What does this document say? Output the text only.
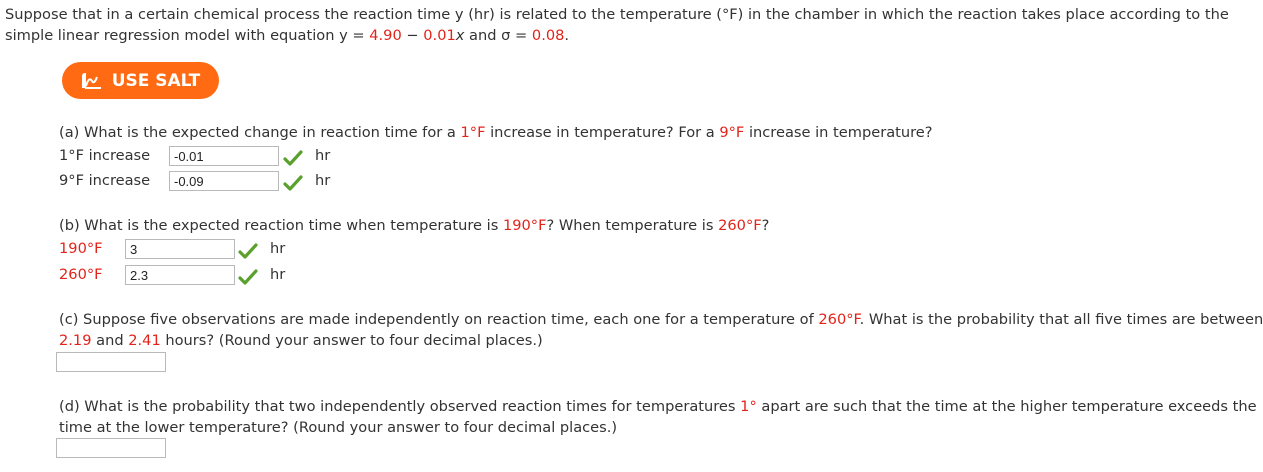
Suppose that in a certain chemical process the reaction time y (hr) is related to the temperature (°F) in the chamber in which the reaction takes place according to the
simple linear regression model with equation y = 4.90 − 0.01x and σ = 0.08.
USE SALT
(a) What is the expected change in reaction time for a 1°F increase in temperature? For a 9°F increase in temperature?
1°F increase	-0.01	hr
9°F increase	-0.09	hr
(b) What is the expected reaction time when temperature is 190°F? When temperature is 260°F?
190°F	3	hr
260°F	2.3	hr
(c) Suppose five observations are made independently on reaction time, each one for a temperature of 260°F. What is the probability that all five times are between
2.19 and 2.41 hours? (Round your answer to four decimal places.)
(d) What is the probability that two independently observed reaction times for temperatures 1° apart are such that the time at the higher temperature exceeds the
time at the lower temperature? (Round your answer to four decimal places.)
